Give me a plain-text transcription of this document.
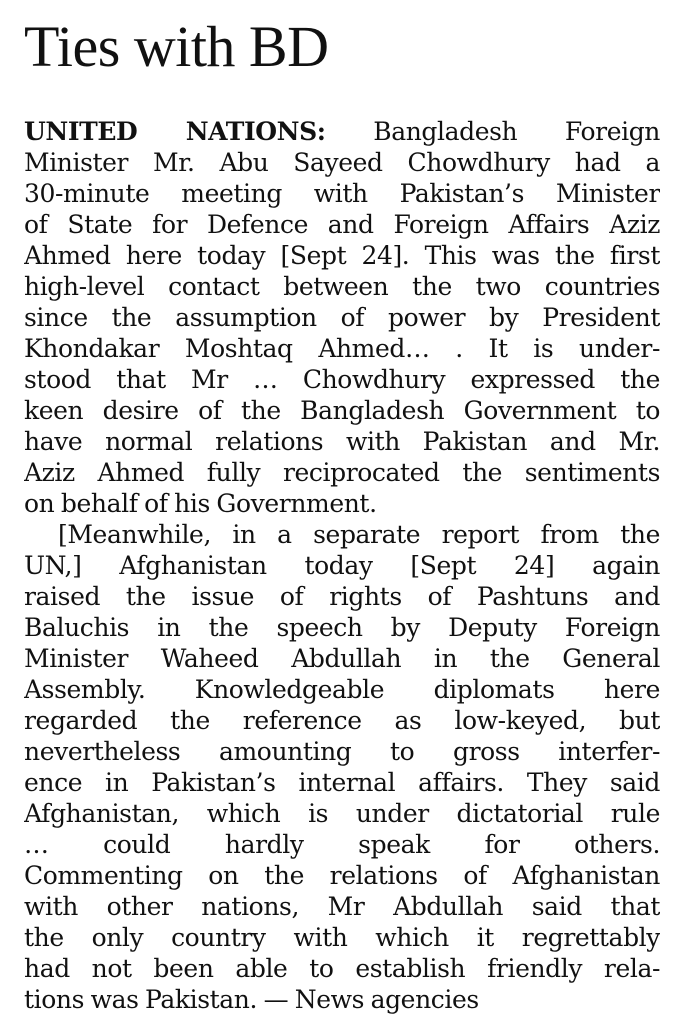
Ties with BD
UNITED NATIONS: Bangladesh Foreign
Minister Mr. Abu Sayeed Chowdhury had a
30-minute meeting with Pakistan’s Minister
of State for Defence and Foreign Affairs Aziz
Ahmed here today [Sept 24]. This was the first
high-level contact between the two countries
since the assumption of power by President
Khondakar Moshtaq Ahmed… . It is under-
stood that Mr … Chowdhury expressed the
keen desire of the Bangladesh Government to
have normal relations with Pakistan and Mr.
Aziz Ahmed fully reciprocated the sentiments
on behalf of his Government.
[Meanwhile, in a separate report from the
UN,] Afghanistan today [Sept 24] again
raised the issue of rights of Pashtuns and
Baluchis in the speech by Deputy Foreign
Minister Waheed Abdullah in the General
Assembly. Knowledgeable diplomats here
regarded the reference as low-keyed, but
nevertheless amounting to gross interfer-
ence in Pakistan’s internal affairs. They said
Afghanistan, which is under dictatorial rule
… could hardly speak for others.
Commenting on the relations of Afghanistan
with other nations, Mr Abdullah said that
the only country with which it regrettably
had not been able to establish friendly rela-
tions was Pakistan. — News agencies
